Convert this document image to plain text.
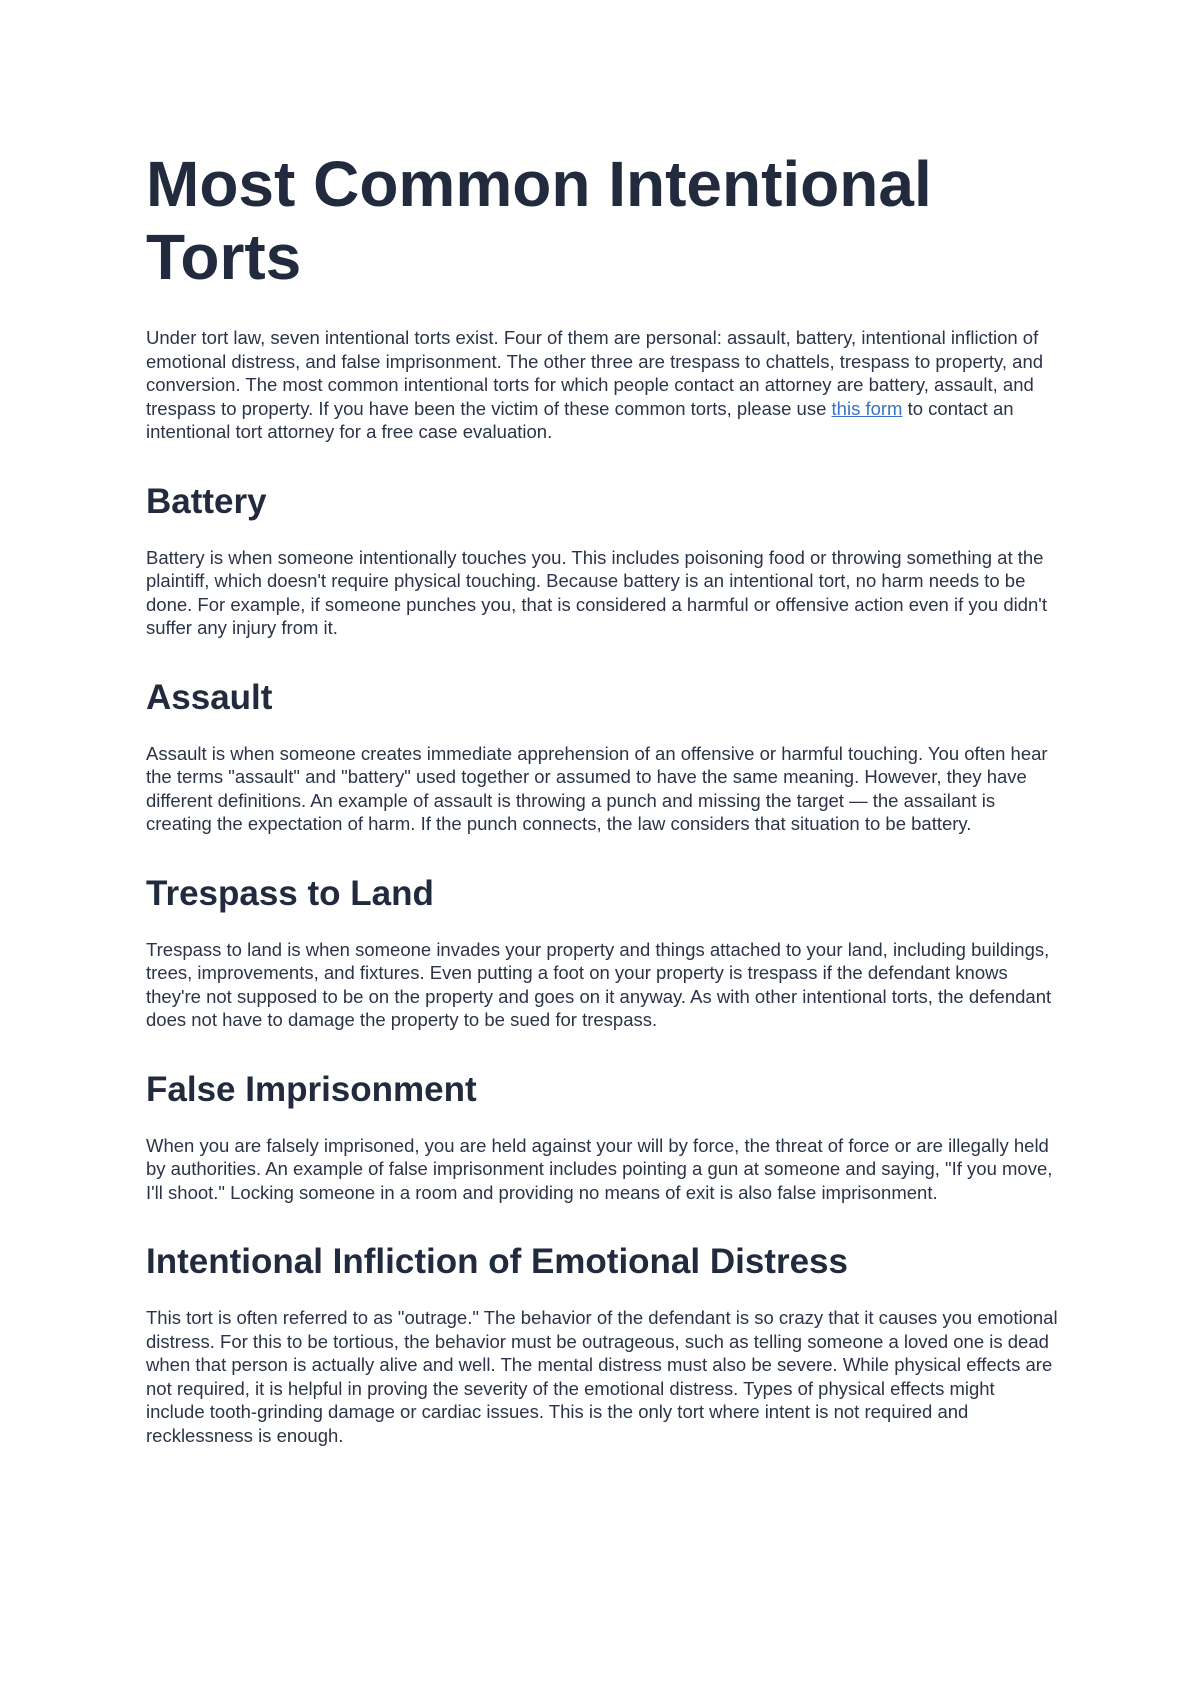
Most Common Intentional Torts

Under tort law, seven intentional torts exist. Four of them are personal: assault, battery, intentional infliction of emotional distress, and false imprisonment. The other three are trespass to chattels, trespass to property, and conversion. The most common intentional torts for which people contact an attorney are battery, assault, and trespass to property. If you have been the victim of these common torts, please use this form to contact an intentional tort attorney for a free case evaluation.

Battery

Battery is when someone intentionally touches you. This includes poisoning food or throwing something at the plaintiff, which doesn't require physical touching. Because battery is an intentional tort, no harm needs to be done. For example, if someone punches you, that is considered a harmful or offensive action even if you didn't suffer any injury from it.

Assault

Assault is when someone creates immediate apprehension of an offensive or harmful touching. You often hear the terms "assault" and "battery" used together or assumed to have the same meaning. However, they have different definitions. An example of assault is throwing a punch and missing the target — the assailant is creating the expectation of harm. If the punch connects, the law considers that situation to be battery.

Trespass to Land

Trespass to land is when someone invades your property and things attached to your land, including buildings, trees, improvements, and fixtures. Even putting a foot on your property is trespass if the defendant knows they're not supposed to be on the property and goes on it anyway. As with other intentional torts, the defendant does not have to damage the property to be sued for trespass.

False Imprisonment

When you are falsely imprisoned, you are held against your will by force, the threat of force or are illegally held by authorities. An example of false imprisonment includes pointing a gun at someone and saying, "If you move, I'll shoot." Locking someone in a room and providing no means of exit is also false imprisonment.

Intentional Infliction of Emotional Distress

This tort is often referred to as "outrage." The behavior of the defendant is so crazy that it causes you emotional distress. For this to be tortious, the behavior must be outrageous, such as telling someone a loved one is dead when that person is actually alive and well. The mental distress must also be severe. While physical effects are not required, it is helpful in proving the severity of the emotional distress. Types of physical effects might include tooth-grinding damage or cardiac issues. This is the only tort where intent is not required and recklessness is enough.
